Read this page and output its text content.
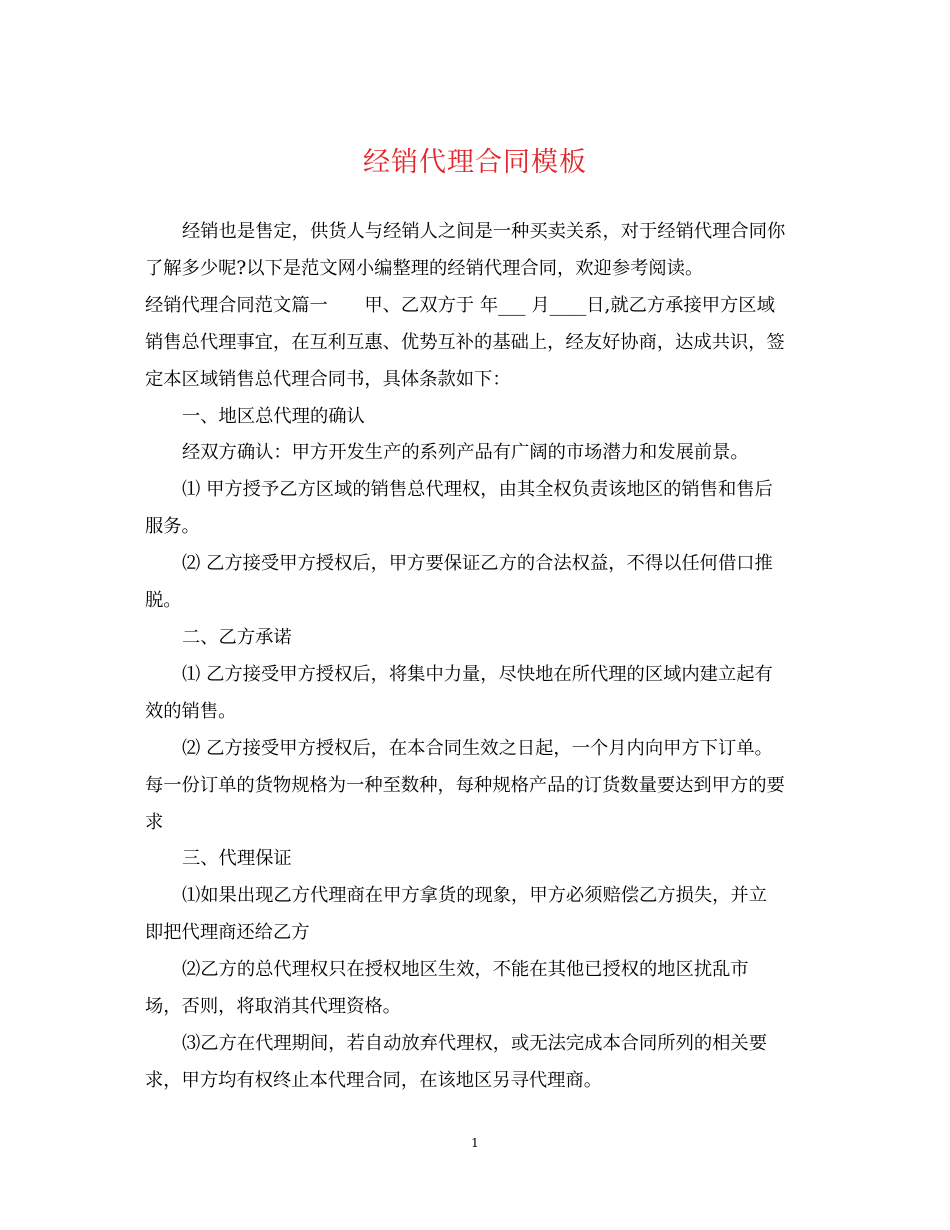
经销代理合同模板

经销也是售定，供货人与经销人之间是一种买卖关系，对于经销代理合同你

了解多少呢?以下是范文网小编整理的经销代理合同，欢迎参考阅读。

经销代理合同范文篇一　　甲、乙双方于 年___ 月____日,就乙方承接甲方区域

销售总代理事宜，在互利互惠、优势互补的基础上，经友好协商，达成共识，签

定本区域销售总代理合同书，具体条款如下：

一、地区总代理的确认

经双方确认：甲方开发生产的系列产品有广阔的市场潜力和发展前景。

⑴ 甲方授予乙方区域的销售总代理权，由其全权负责该地区的销售和售后

服务。

⑵ 乙方接受甲方授权后，甲方要保证乙方的合法权益，不得以任何借口推

脱。

二、乙方承诺

⑴ 乙方接受甲方授权后，将集中力量，尽快地在所代理的区域内建立起有

效的销售。

⑵ 乙方接受甲方授权后，在本合同生效之日起，一个月内向甲方下订单。

每一份订单的货物规格为一种至数种，每种规格产品的订货数量要达到甲方的要

求

三、代理保证

⑴如果出现乙方代理商在甲方拿货的现象，甲方必须赔偿乙方损失，并立

即把代理商还给乙方

⑵乙方的总代理权只在授权地区生效，不能在其他已授权的地区扰乱市

场，否则，将取消其代理资格。

⑶乙方在代理期间，若自动放弃代理权，或无法完成本合同所列的相关要

求，甲方均有权终止本代理合同，在该地区另寻代理商。

1
